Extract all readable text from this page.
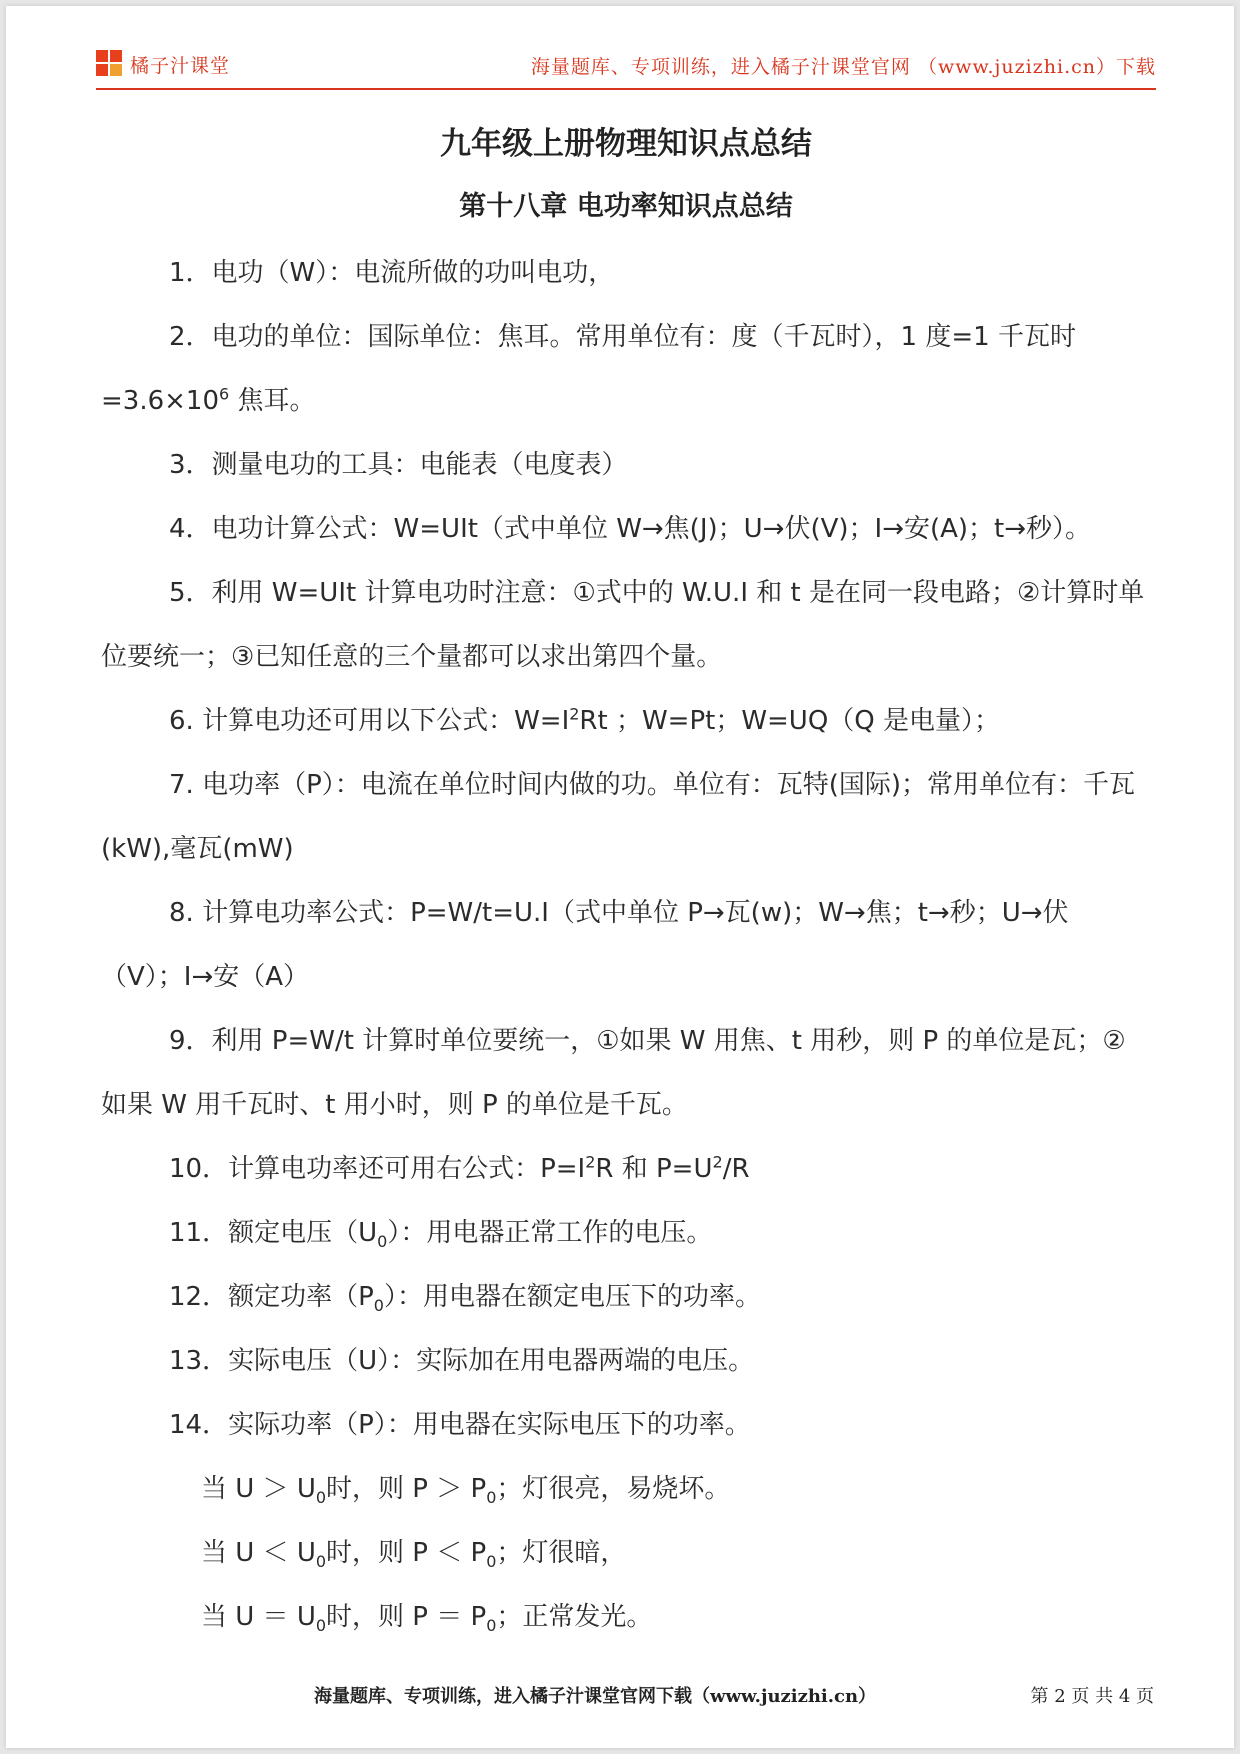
橘子汁课堂	海量题库、专项训练，进入橘子汁课堂官网 （www.juzizhi.cn）下载
九年级上册物理知识点总结
第十八章 电功率知识点总结

1．电功（W）：电流所做的功叫电功，

2．电功的单位：国际单位：焦耳。常用单位有：度（千瓦时），1 度=1 千瓦时$=3.6\times 10^6$ 焦耳。

3．测量电功的工具：电能表（电度表）

4．电功计算公式：W=UIt（式中单位 W→焦(J)；U→伏(V)；I→安(A)；t→秒）。

5．利用 W=UIt 计算电功时注意：①式中的 W.U.I 和 t 是在同一段电路；②计算时单位要统一；③已知任意的三个量都可以求出第四个量。

6. 计算电功还可用以下公式：$W=I^2Rt$ ；W=Pt；W=UQ（Q 是电量）；

7. 电功率（P）：电流在单位时间内做的功。单位有：瓦特(国际)；常用单位有：千瓦(kW),毫瓦(mW)

8. 计算电功率公式：P=W/t=U.I（式中单位 P→瓦(w)；W→焦；t→秒；U→伏（V）；I→安（A）

9．利用 P=W/t 计算时单位要统一，①如果 W 用焦、t 用秒，则 P 的单位是瓦；②如果 W 用千瓦时、t 用小时，则 P 的单位是千瓦。

10．计算电功率还可用右公式：$P=I^2R$ 和 $P=U^2/R$

11．额定电压$(U_0)$：用电器正常工作的电压。

12．额定功率$(P_0)$：用电器在额定电压下的功率。

13．实际电压（U）：实际加在用电器两端的电压。

14．实际功率（P）：用电器在实际电压下的功率。

当 $U > U_0$时，则 $P > P_0$；灯很亮，易烧坏。

当 $U < U_0$时，则 $P < P_0$；灯很暗，

当 $U = U_0$时，则 $P = P_0$；正常发光。

海量题库、专项训练，进入橘子汁课堂官网下载（www.juzizhi.cn）	第 2 页 共 4 页
